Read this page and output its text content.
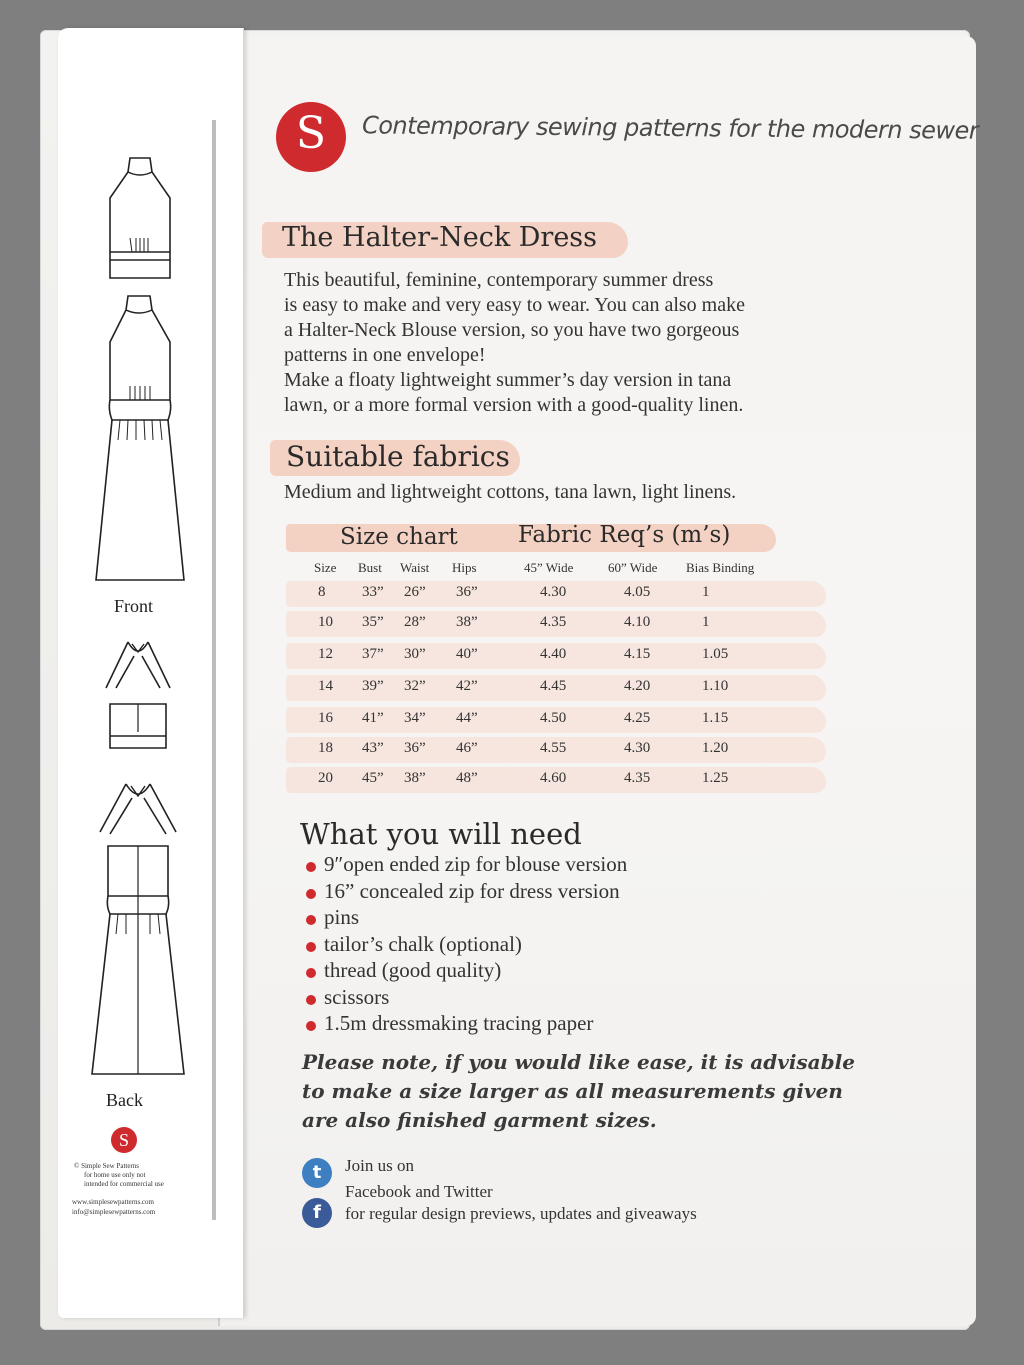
Front
Back
S
© Simple Sew Patterns
for home use only not
intended for commercial use
www.simplesewpatterns.com
info@simplesewpatterns.com
S	Contemporary sewing patterns for the modern sewer
The Halter-Neck Dress
This beautiful, feminine, contemporary summer dress
is easy to make and very easy to wear. You can also make
a Halter-Neck Blouse version, so you have two gorgeous
patterns in one envelope!
Make a floaty lightweight summer’s day version in tana
lawn, or a more formal version with a good-quality linen.
Suitable fabrics
Medium and lightweight cottons, tana lawn, light linens.
Size chart	Fabric Req’s (m’s)
Size Bust Waist Hips	45” Wide	60” Wide Bias Binding
8 33” 26” 36”	4.30	4.05	1
10 35” 28” 38”	4.35	4.10	1
12 37” 30” 40”	4.40	4.15	1.05
14 39” 32” 42”	4.45	4.20	1.10
16 41” 34” 44”	4.50	4.25	1.15
18 43” 36” 46”	4.55	4.30	1.20
20 45” 38” 48”	4.60	4.35	1.25
What you will need
9″open ended zip for blouse version
16” concealed zip for dress version
pins
tailor’s chalk (optional)
thread (good quality)
scissors
1.5m dressmaking tracing paper
Please note, if you would like ease, it is advisable
to make a size larger as all measurements given
are also finished garment sizes.
t
f
Join us on
Facebook and Twitter
for regular design previews, updates and giveaways
